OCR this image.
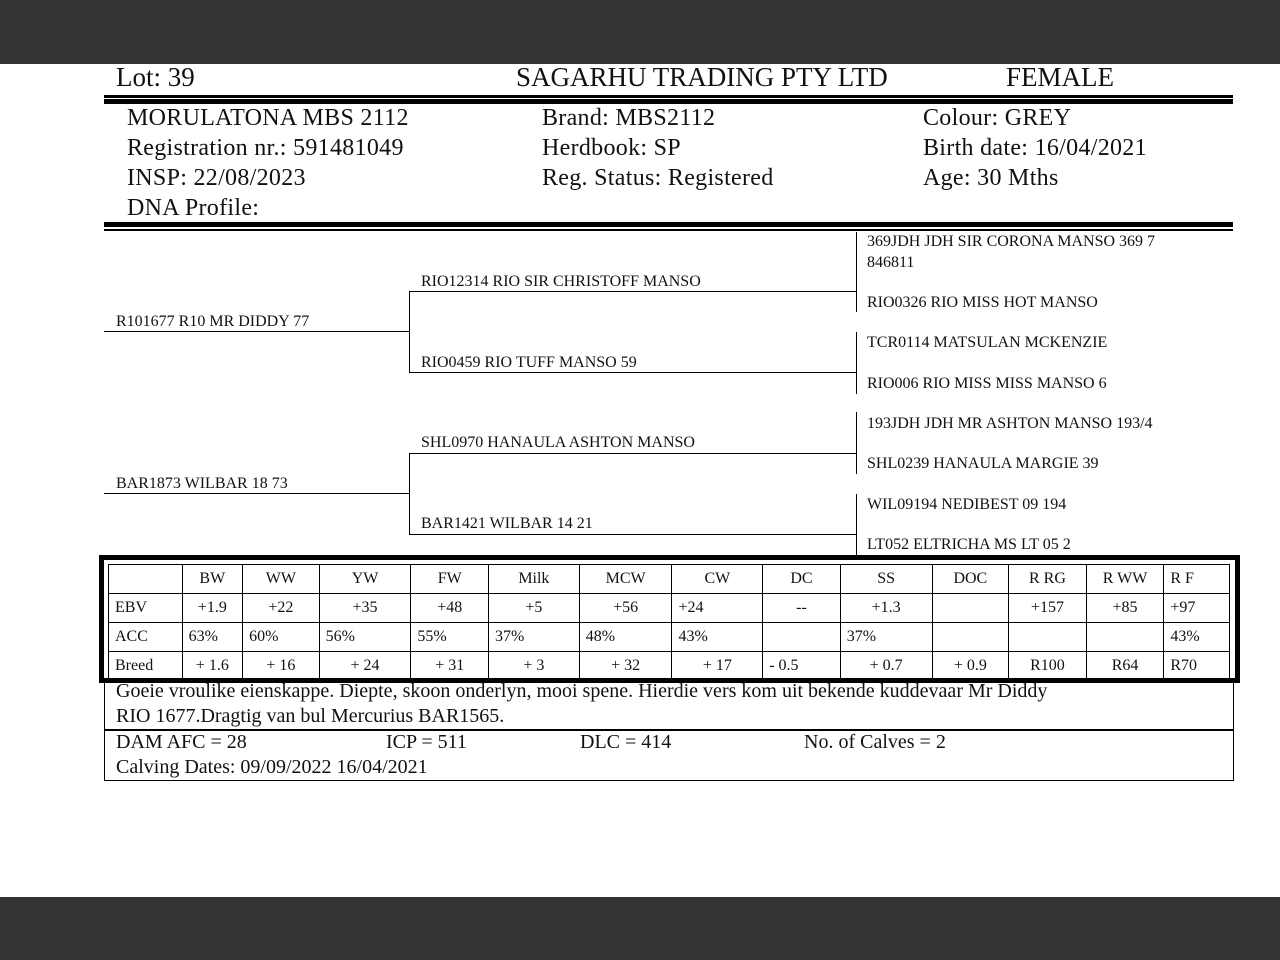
Lot: 39	SAGARHU TRADING PTY LTD	FEMALE
MORULATONA MBS 2112
Registration nr.: 591481049
INSP: 22/08/2023
DNA Profile:
Brand: MBS2112
Herdbook: SP
Reg. Status: Registered
Colour: GREY
Birth date: 16/04/2021
Age: 30 Mths
R101677 R10 MR DIDDY 77
BAR1873 WILBAR 18 73
RIO12314 RIO SIR CHRISTOFF MANSO
RIO0459 RIO TUFF MANSO 59
SHL0970 HANAULA ASHTON MANSO
BAR1421 WILBAR 14 21
369JDH JDH SIR CORONA MANSO 369 7
846811
RIO0326 RIO MISS HOT MANSO
TCR0114 MATSULAN MCKENZIE
RIO006 RIO MISS MISS MANSO 6
193JDH JDH MR ASHTON MANSO 193/4
SHL0239 HANAULA MARGIE 39
WIL09194 NEDIBEST 09 194
LT052 ELTRICHA MS LT 05 2
	BW	WW	YW	FW	Milk	MCW	CW	DC	SS	DOC	R RG	R WW	R F
EBV	+1.9	+22	+35	+48	+5	+56	+24	--	+1.3		+157	+85	+97
ACC	63%	60%	56%	55%	37%	48%	43%		37%				43%
Breed	+ 1.6	+ 16	+ 24	+ 31	+ 3	+ 32	+ 17	- 0.5	+ 0.7	+ 0.9	R100	R64	R70
Goeie vroulike eienskappe. Diepte, skoon onderlyn, mooi spene. Hierdie vers kom uit bekende kuddevaar Mr Diddy
RIO 1677.Dragtig van bul Mercurius BAR1565.
DAM AFC = 28	ICP = 511	DLC = 414	No. of Calves = 2
Calving Dates: 09/09/2022 16/04/2021
